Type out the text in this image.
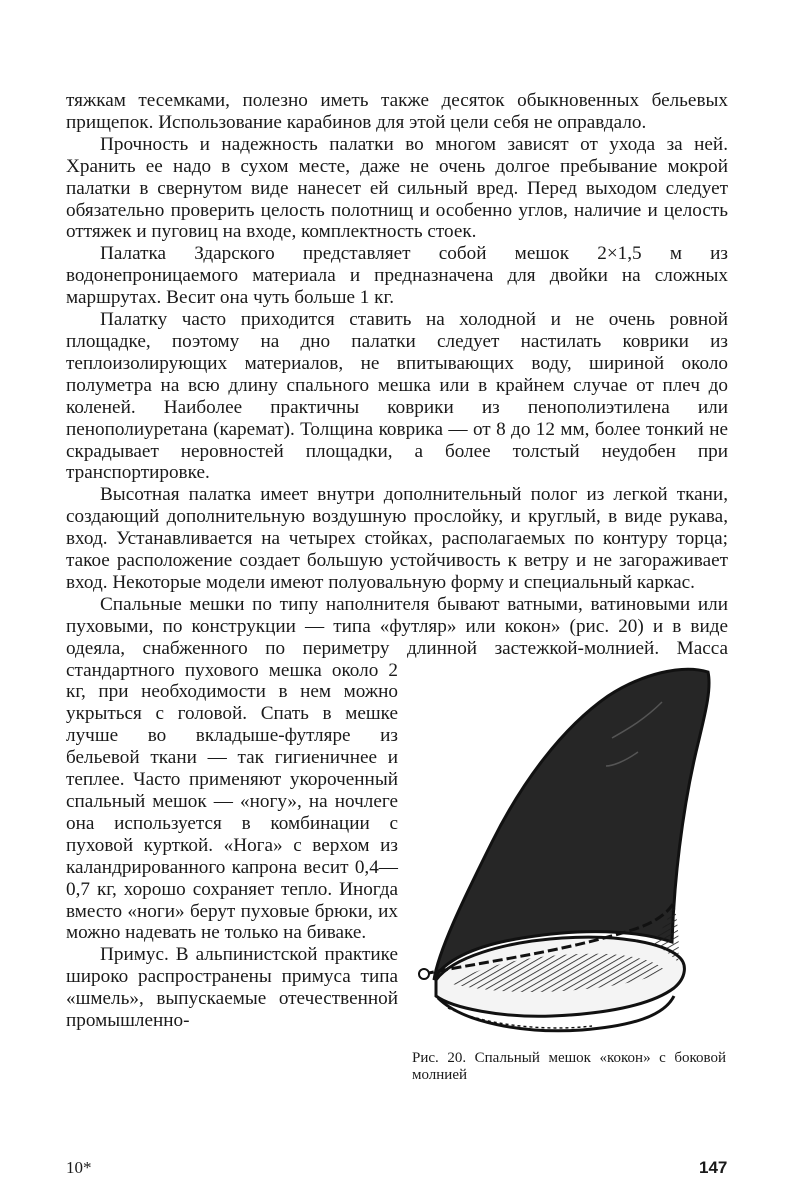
тяжкам тесемками, полезно иметь также десяток обыкновенных бельевых прищепок. Использование карабинов для этой цели себя не оправдало.

Прочность и надежность палатки во многом зависят от ухода за ней. Хранить ее надо в сухом месте, даже не очень долгое пребывание мокрой палатки в свернутом виде нанесет ей сильный вред. Перед выходом следует обязательно проверить целость полотнищ и особенно углов, наличие и целость оттяжек и пуговиц на входе, комплектность стоек.

Палатка Здарского представляет собой мешок 2×1,5 м из водонепроницаемого материала и предназначена для двойки на сложных маршрутах. Весит она чуть больше 1 кг.

Палатку часто приходится ставить на холодной и не очень ровной площадке, поэтому на дно палатки следует настилать коврики из теплоизолирующих материалов, не впитывающих воду, шириной около полуметра на всю длину спального мешка или в крайнем случае от плеч до коленей. Наиболее практичны коврики из пенополиэтилена или пенополиуретана (каремат). Толщина коврика — от 8 до 12 мм, более тонкий не скрадывает неровностей площадки, а более толстый неудобен при транспортировке.

Высотная палатка имеет внутри дополнительный полог из легкой ткани, создающий дополнительную воздушную прослойку, и круглый, в виде рукава, вход. Устанавливается на четырех стойках, располагаемых по контуру торца; такое расположение создает большую устойчивость к ветру и не загораживает вход. Некоторые модели имеют полуовальную форму и специальный каркас.

Рис. 20. Спальный мешок «кокон» с боковой молнией

Спальные мешки по типу наполнителя бывают ватными, ватиновыми или пуховыми, по конструкции — типа «футляр» или кокон» (рис. 20) и в виде одеяла, снабженного по периметру длинной застежкой-молнией. Масса стандартного пухового мешка около 2 кг, при необходимости в нем можно укрыться с головой. Спать в мешке лучше во вкладыше-футляре из бельевой ткани — так гигиеничнее и теплее. Часто применяют укороченный спальный мешок — «ногу», на ночлеге она используется в комбинации с пуховой курткой. «Нога» с верхом из каландрированного капрона весит 0,4—0,7 кг, хорошо сохраняет тепло. Иногда вместо «ноги» берут пуховые брюки, их можно надевать не только на биваке.

Примус. В альпинистской практике широко распространены примуса типа «шмель», выпускаемые отечественной промышленно-

10*	147
